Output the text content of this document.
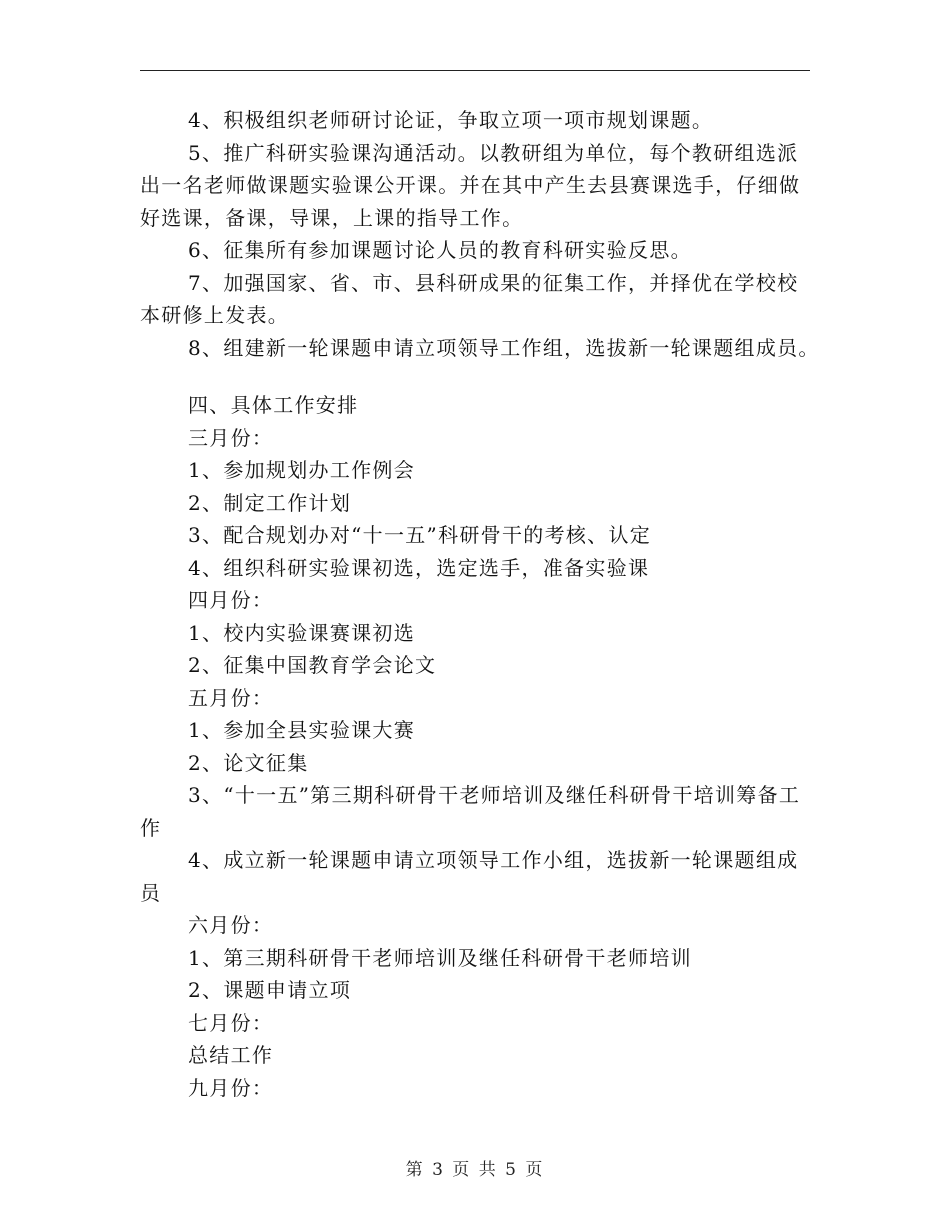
4、积极组织老师研讨论证，争取立项一项市规划课题。

5、推广科研实验课沟通活动。以教研组为单位，每个教研组选派出一名老师做课题实验课公开课。并在其中产生去县赛课选手，仔细做好选课，备课，导课，上课的指导工作。

6、征集所有参加课题讨论人员的教育科研实验反思。

7、加强国家、省、市、县科研成果的征集工作，并择优在学校校本研修上发表。

8、组建新一轮课题申请立项领导工作组，选拔新一轮课题组成员。

四、具体工作安排

三月份：

1、参加规划办工作例会

2、制定工作计划

3、配合规划办对“十一五”科研骨干的考核、认定

4、组织科研实验课初选，选定选手，准备实验课

四月份：

1、校内实验课赛课初选

2、征集中国教育学会论文

五月份：

1、参加全县实验课大赛

2、论文征集

3、“十一五”第三期科研骨干老师培训及继任科研骨干培训筹备工作

4、成立新一轮课题申请立项领导工作小组，选拔新一轮课题组成员

六月份：

1、第三期科研骨干老师培训及继任科研骨干老师培训

2、课题申请立项

七月份：

总结工作

九月份：

第 3 页 共 5 页
